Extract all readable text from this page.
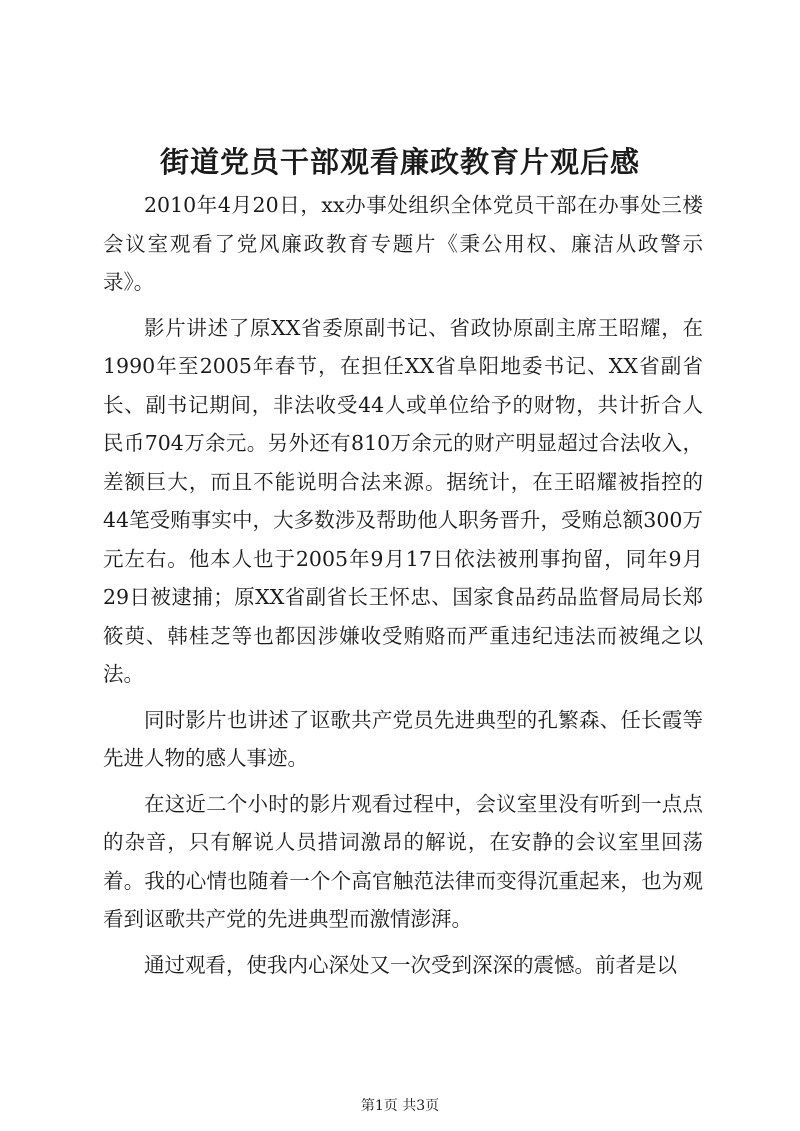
街道党员干部观看廉政教育片观后感

2010年4月20日，xx办事处组织全体党员干部在办事处三楼会议室观看了党风廉政教育专题片《秉公用权、廉洁从政警示录》。

影片讲述了原XX省委原副书记、省政协原副主席王昭耀，在1990年至2005年春节，在担任XX省阜阳地委书记、XX省副省长、副书记期间，非法收受44人或单位给予的财物，共计折合人民币704万余元。另外还有810万余元的财产明显超过合法收入，差额巨大，而且不能说明合法来源。据统计，在王昭耀被指控的44笔受贿事实中，大多数涉及帮助他人职务晋升，受贿总额300万元左右。他本人也于2005年9月17日依法被刑事拘留，同年9月29日被逮捕；原XX省副省长王怀忠、国家食品药品监督局局长郑筱萸、韩桂芝等也都因涉嫌收受贿赂而严重违纪违法而被绳之以法。

同时影片也讲述了讴歌共产党员先进典型的孔繁森、任长霞等先进人物的感人事迹。

在这近二个小时的影片观看过程中，会议室里没有听到一点点的杂音，只有解说人员措词激昂的解说，在安静的会议室里回荡着。我的心情也随着一个个高官触范法律而变得沉重起来，也为观看到讴歌共产党的先进典型而激情澎湃。

通过观看，使我内心深处又一次受到深深的震憾。前者是以

第1页 共3页
